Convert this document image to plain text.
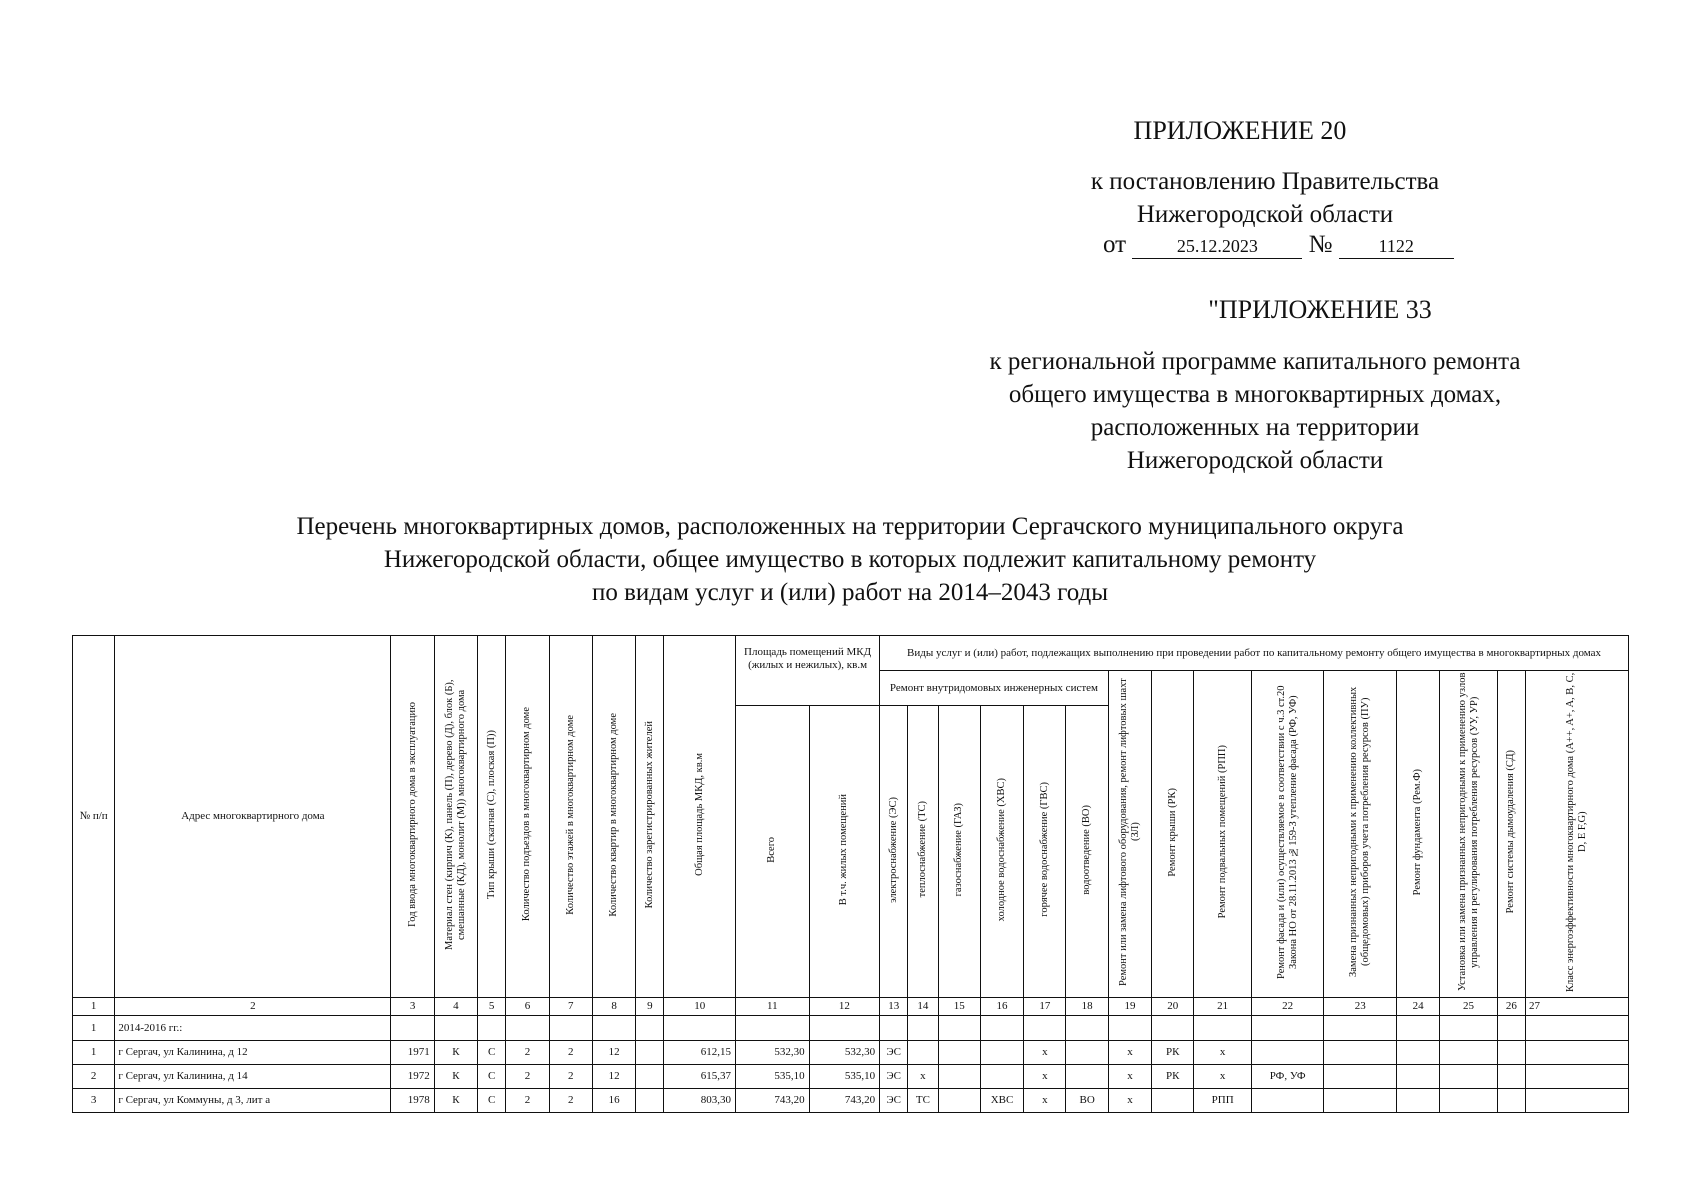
ПРИЛОЖЕНИЕ 20
к постановлению Правительства
Нижегородской области
от	25.12.2023 №	1122
"ПРИЛОЖЕНИЕ 33
к региональной программе капитального ремонта
общего имущества в многоквартирных домах,
расположенных на территории
Нижегородской области
Перечень многоквартирных домов, расположенных на территории Сергачского муниципального округа
Нижегородской области, общее имущество в которых подлежит капитальному ремонту
по видам услуг и (или) работ на 2014–2043 годы
№ п/п	Адрес многоквартирного дома	Год ввода многоквартирного дома в эксплуатацию	Материал стен (кирпич (К), панель (П), дерево (Д), блок (Б), смешанные (КД), монолит (М)) многоквартирного дома	Тип крыши (скатная (С), плоская (П))	Количество подъездов в многоквартирном доме	Количество этажей в многоквартирном доме	Количество квартир в многоквартирном доме	Количество зарегистрированных жителей	Общая площадь МКД, кв.м	Площадь помещений МКД (жилых и нежилых), кв.м		Виды услуг и (или) работ, подлежащих выполнению при проведении работ по капитальному ремонту общего имущества в многоквартирных домах														
												Ремонт внутридомовых инженерных систем						Ремонт или замена лифтового оборудования, ремонт лифтовых шахт (ЗЛ)	Ремонт крыши (РК)	Ремонт подвальных помещений (РПП)	Ремонт фасада и (или) осуществляемое в соответствии с ч.3 ст.20 Закона НО от 28.11.2013 №159-З утепление фасада (РФ, УФ)	Замена признанных непригодными к применению коллективных (общедомовых) приборов учета потребления ресурсов (ПУ)	Ремонт фундамента (Рем.Ф)	Установка или замена признанных непригодными к применению узлов управления и регулирования потребления ресурсов (УУ, УР)	Ремонт системы дымоудаления (СД)	Класс энергоэффективности многоквартирного дома (A++, A+, A, B, C, D, E F,G)
										Всего	В т.ч. жилых помещений	электроснабжение (ЭС)	теплоснабжение (ТС)	газоснабжение (ГАЗ)	холодное водоснабжение (ХВС)	горячее водоснабжение (ГВС)	водоотведение (ВО)									
1	2	3	4	5	6	7	8	9	10	11	12	13	14	15	16	17	18	19	20	21	22	23	24	25	26	27
1	2014-2016 гг.:																									
1	г Сергач, ул Калинина, д 12	1971	К	С	2	2	12		612,15	532,30	532,30	ЭС				х		х	РК	х						
2	г Сергач, ул Калинина, д 14	1972	К	С	2	2	12		615,37	535,10	535,10	ЭС	х			х		х	РК	х	РФ, УФ					
3	г Сергач, ул Коммуны, д 3, лит а	1978	К	С	2	2	16		803,30	743,20	743,20	ЭС	ТС		ХВС	х	ВО	х		РПП						
